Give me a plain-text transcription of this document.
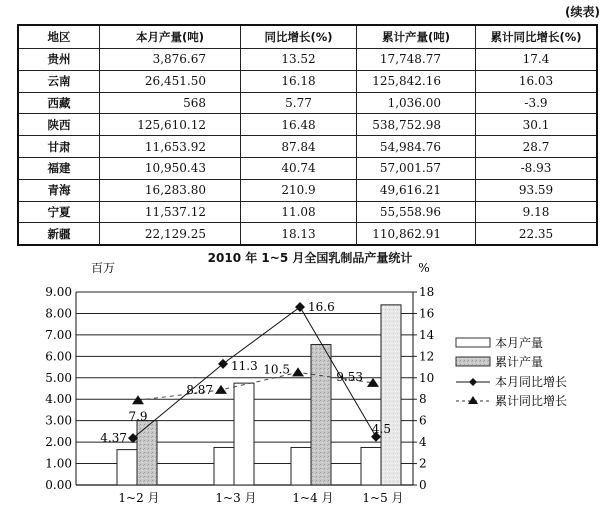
(续表)
地区	本月产量(吨)	同比增长(%)	累计产量(吨)	累计同比增长(%)
贵州	3,876.67	13.52	17,748.77	17.4
云南	26,451.50	16.18	125,842.16	16.03
西藏	568	5.77	1,036.00	-3.9
陕西	125,610.12	16.48	538,752.98	30.1
甘肃	11,653.92	87.84	54,984.76	28.7
福建	10,950.43	40.74	57,001.57	-8.93
青海	16,283.80	210.9	49,616.21	93.59
宁夏	11,537.12	11.08	55,558.96	9.18
新疆	22,129.25	18.13	110,862.91	22.35
2010 年 1~5 月全国乳制品产量统计
百万	%
0.00
1.00
2.00
3.00
4.00
5.00
6.00
7.00
8.00
9.00
0
2
4
6
8
10
12
14
16
18
4.37
11.3
16.6
4.5
7.9
8.87
10.5
9.53
1~2 月	1~3 月	1~4 月 1~5 月
本月产量
累计产量
本月同比增长
累计同比增长
